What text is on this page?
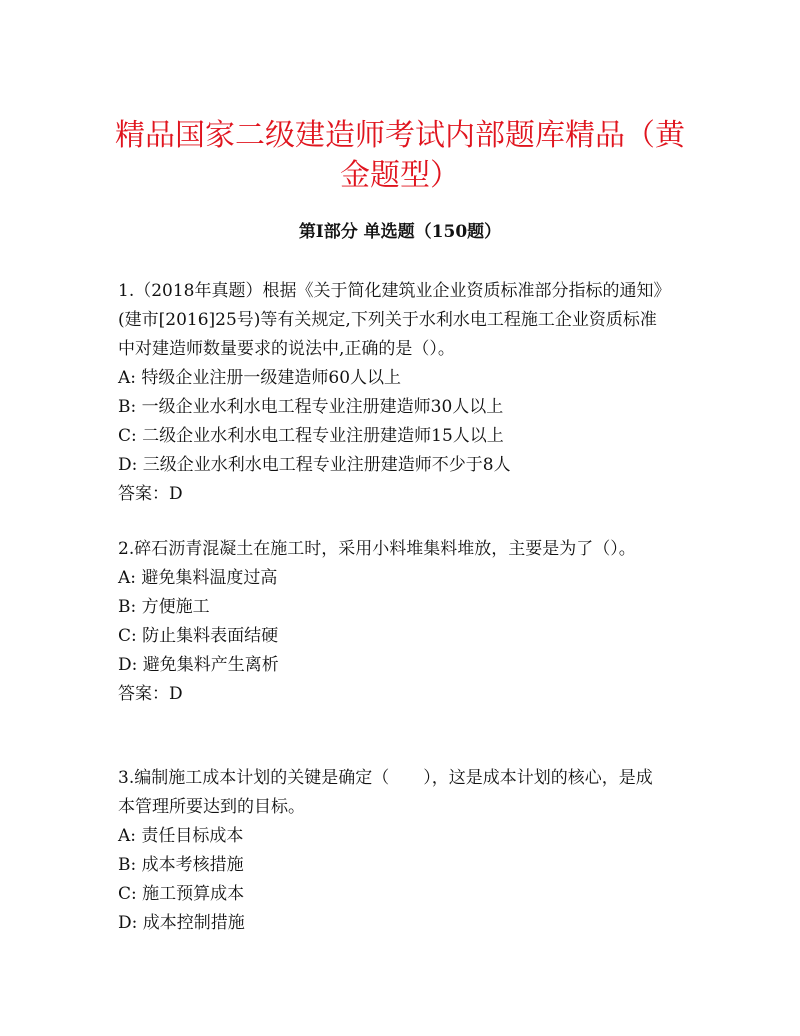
精品国家二级建造师考试内部题库精品（黄
金题型）
第I部分 单选题（150题）

1.（2018年真题）根据《关于简化建筑业企业资质标准部分指标的通知》(建市[2016]25号)等有关规定,下列关于水利水电工程施工企业资质标准中对建造师数量要求的说法中,正确的是（）。

A: 特级企业注册一级建造师60人以上

B: 一级企业水利水电工程专业注册建造师30人以上

C: 二级企业水利水电工程专业注册建造师15人以上

D: 三级企业水利水电工程专业注册建造师不少于8人

答案：D

2.碎石沥青混凝土在施工时，采用小料堆集料堆放，主要是为了（）。

A: 避免集料温度过高

B: 方便施工

C: 防止集料表面结硬

D: 避免集料产生离析

答案：D

3.编制施工成本计划的关键是确定（　　），这是成本计划的核心，是成本管理所要达到的目标。

A: 责任目标成本

B: 成本考核措施

C: 施工预算成本

D: 成本控制措施
